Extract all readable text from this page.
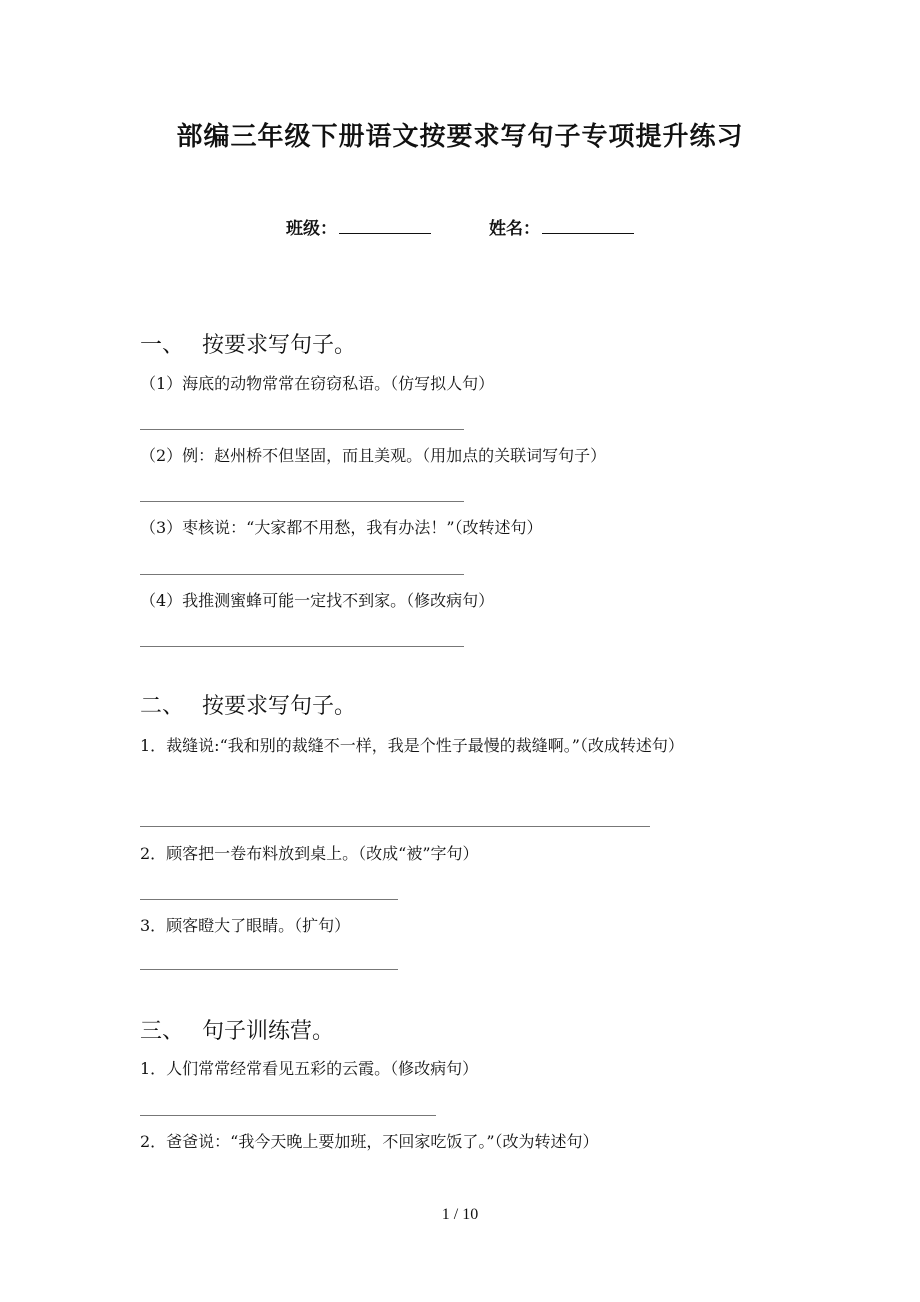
部编三年级下册语文按要求写句子专项提升练习
班级：	姓名：
一、 按要求写句子。
（1）海底的动物常常在窃窃私语。（仿写拟人句）
（2）例：赵州桥不但坚固，而且美观。（用加点的关联词写句子）
（3）枣核说：“大家都不用愁，我有办法！”（改转述句）
（4）我推测蜜蜂可能一定找不到家。（修改病句）
二、 按要求写句子。
1．裁缝说:“我和别的裁缝不一样，我是个性子最慢的裁缝啊。”（改成转述句）
2．顾客把一卷布料放到桌上。（改成“被”字句）
3．顾客瞪大了眼睛。（扩句）
三、 句子训练营。
1．人们常常经常看见五彩的云霞。（修改病句）
2．爸爸说：“我今天晚上要加班，不回家吃饭了。”（改为转述句）
1 / 10
